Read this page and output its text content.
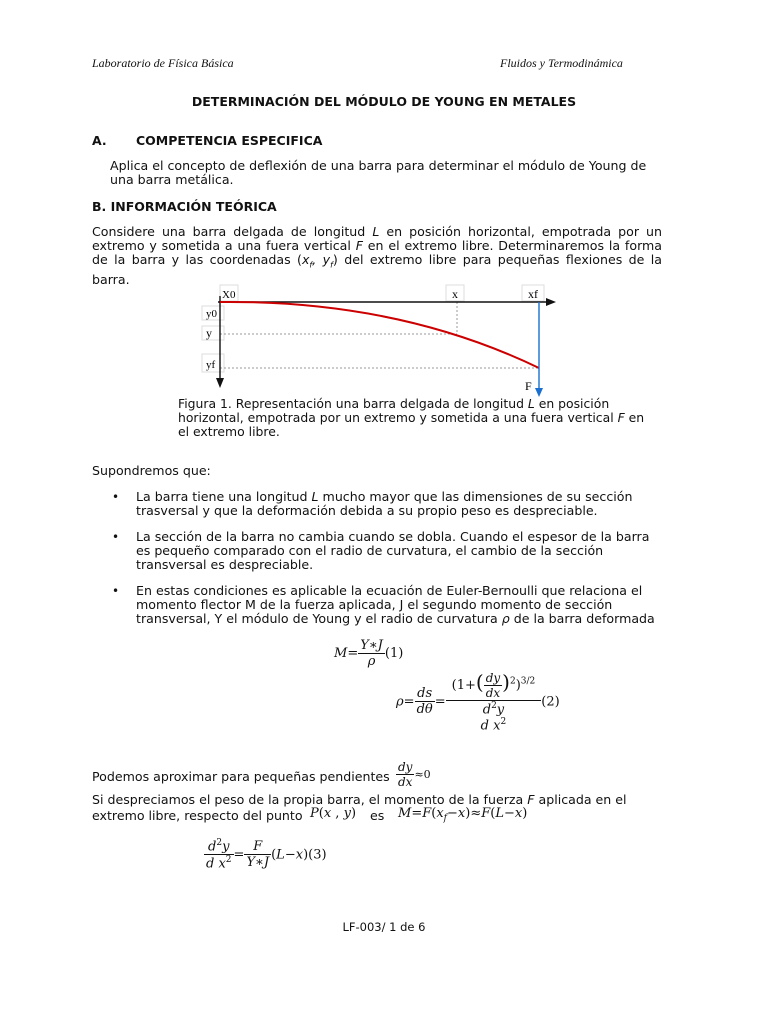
Laboratorio de Física Básica	Fluidos y Termodinámica
DETERMINACIÓN DEL MÓDULO DE YOUNG EN METALES
A. COMPETENCIA ESPECIFICA
Aplica el concepto de deflexión de una barra para determinar el módulo de Young de una barra metálica.
B. INFORMACIÓN TEÓRICA
Considere una barra delgada de longitud L en posición horizontal, empotrada por un extremo y sometida a una fuera vertical F en el extremo libre. Determinaremos la forma de la barra y las coordenadas ($x_f$, $y_f$) del extremo libre para pequeñas flexiones de la barra.
X0	x	xf
y0
y
yf
F
Figura 1. Representación una barra delgada de longitud L en posición horizontal, empotrada por un extremo y sometida a una fuera vertical F en el extremo libre.
Supondremos que:
• La barra tiene una longitud L mucho mayor que las dimensiones de su sección trasversal y que la deformación debida a su propio peso es despreciable.
• La sección de la barra no cambia cuando se dobla. Cuando el espesor de la barra es pequeño comparado con el radio de curvatura, el cambio de la sección transversal es despreciable.
• En estas condiciones es aplicable la ecuación de Euler-Bernoulli que relaciona el momento flector M de la fuerza aplicada, J el segundo momento de sección transversal, Y el módulo de Young y el radio de curvatura ρ de la barra deformada
$M= \frac{Y∗J}{\rho} (1)$
$\rho= \frac{ds}{d\theta}$ =
$(1+( \frac{dy}{dx} )^2)^{3/2}$
$d^2y$
d $x^2$
(2)
Podemos aproximar para pequeñas pendientes $\frac{dy}{dx} \approx 0$
Si despreciamos el peso de la propia barra, el momento de la fuerza F aplicada en el
extremo libre, respecto del punto P(x , y) es $M=F(x_f-x)\approx F(L-x)$
$\frac{d^2y}{d x^2} = \frac{F}{Y∗J} (L-x)(3)$
LF-003/ 1 de 6
